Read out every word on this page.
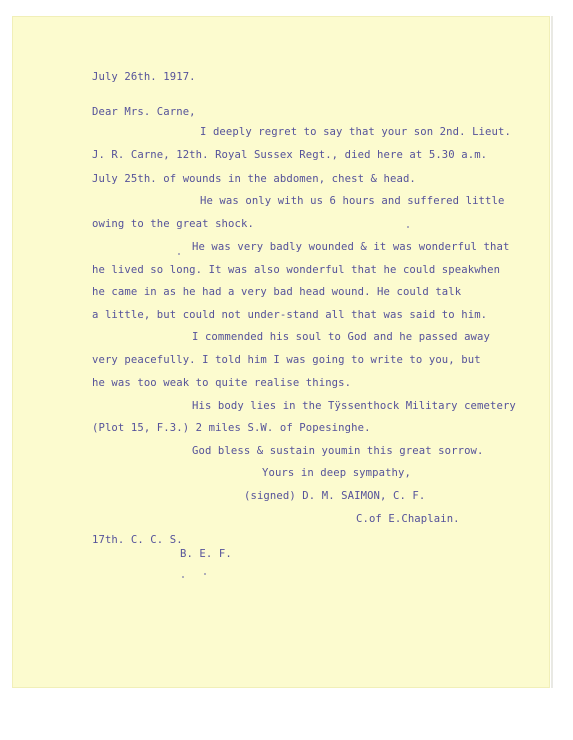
July 26th. 1917.

Dear Mrs. Carne,

I deeply regret to say that your son 2nd. Lieut.

J. R. Carne, 12th. Royal Sussex Regt., died here at 5.30 a.m.

July 25th. of wounds in the abdomen, chest & head.

He was only with us 6 hours and suffered little

owing to the great shock.

He was very badly wounded & it was wonderful that

he lived so long. It was also wonderful that he could speakwhen

he came in as he had a very bad head wound. He could talk

a little, but could not under-stand all that was said to him.

I commended his soul to God and he passed away

very peacefully. I told him I was going to write to you, but

he was too weak to quite realise things.

His body lies in the Tÿssenthock Military cemetery

(Plot 15, F.3.) 2 miles S.W. of Popesinghe.

God bless & sustain youmin this great sorrow.

Yours in deep sympathy,

(signed) D. M. SAIMON, C. F.

C.of E.Chaplain.

17th. C. C. S.

B. E. F.
